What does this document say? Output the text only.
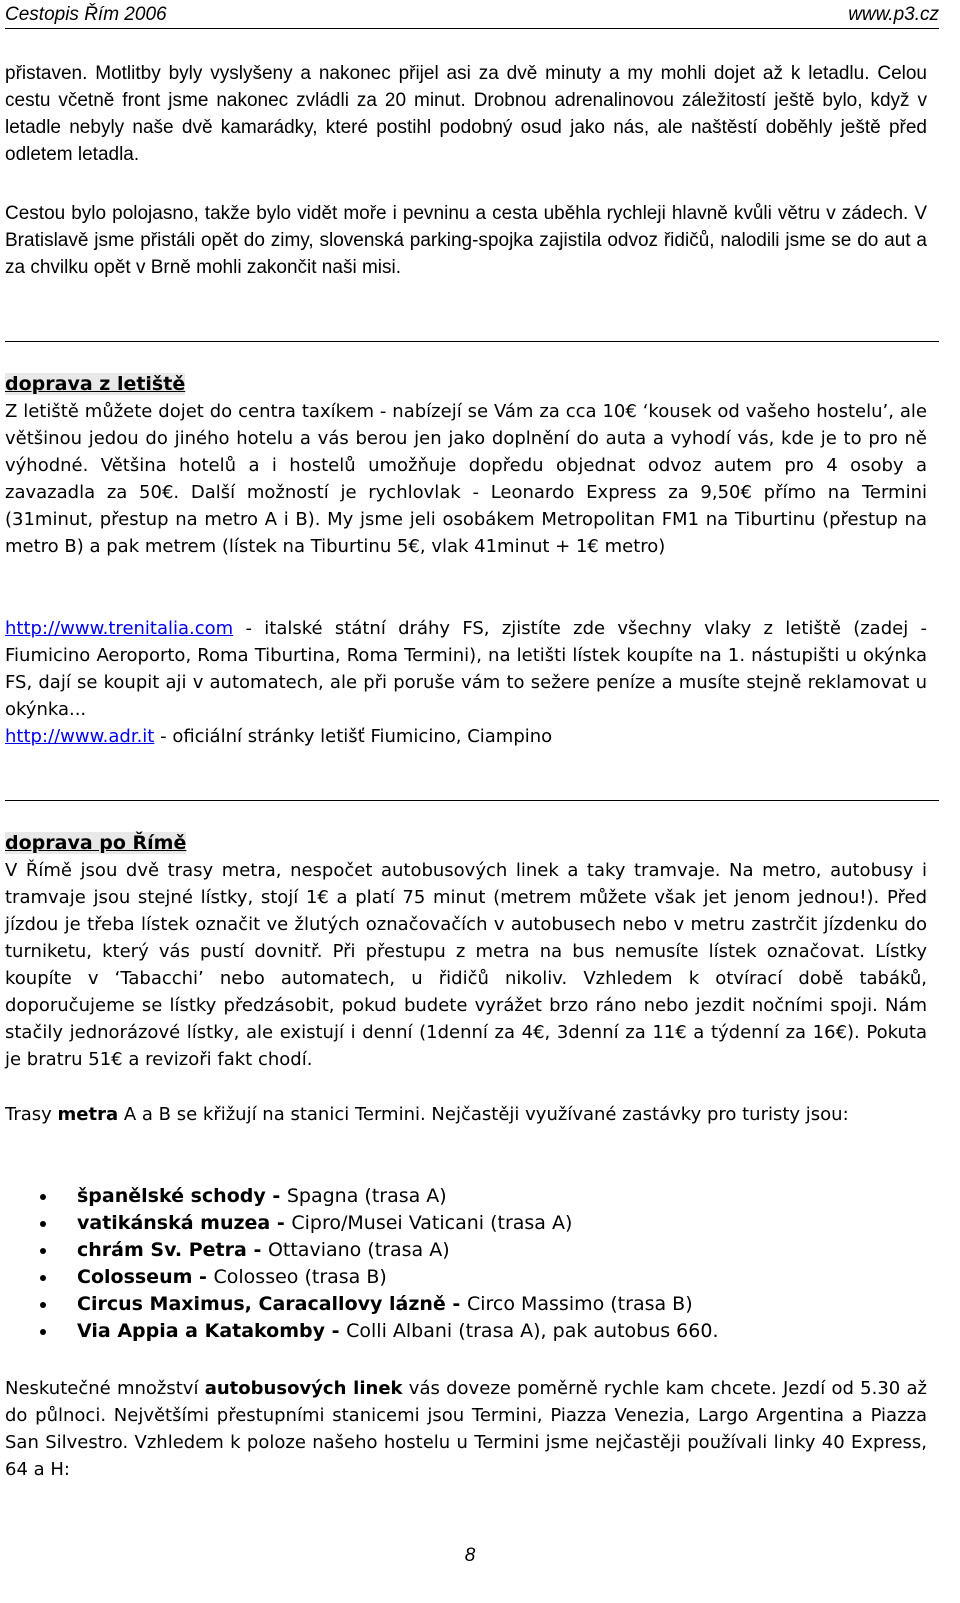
Cestopis Řím 2006	www.p3.cz

přistaven. Motlitby byly vyslyšeny a nakonec přijel asi za dvě minuty a my mohli dojet až k letadlu. Celou cestu včetně front jsme nakonec zvládli za 20 minut. Drobnou adrenalinovou záležitostí ještě bylo, když v letadle nebyly naše dvě kamarádky, které postihl podobný osud jako nás, ale naštěstí doběhly ještě před odletem letadla.

Cestou bylo polojasno, takže bylo vidět moře i pevninu a cesta uběhla rychleji hlavně kvůli větru v zádech. V Bratislavě jsme přistáli opět do zimy, slovenská parking-spojka zajistila odvoz řidičů, nalodili jsme se do aut a za chvilku opět v Brně mohli zakončit naši misi.

doprava z letiště

Z letiště můžete dojet do centra taxíkem - nabízejí se Vám za cca 10€ ‘kousek od vašeho hostelu’, ale většinou jedou do jiného hotelu a vás berou jen jako doplnění do auta a vyhodí vás, kde je to pro ně výhodné. Většina hotelů a i hostelů umožňuje dopředu objednat odvoz autem pro 4 osoby a zavazadla za 50€. Další možností je rychlovlak - Leonardo Express za 9,50€ přímo na Termini (31minut, přestup na metro A i B). My jsme jeli osobákem Metropolitan FM1 na Tiburtinu (přestup na metro B) a pak metrem (lístek na Tiburtinu 5€, vlak 41minut + 1€ metro)

http://www.trenitalia.com - italské státní dráhy FS, zjistíte zde všechny vlaky z letiště (zadej - Fiumicino Aeroporto, Roma Tiburtina, Roma Termini), na letišti lístek koupíte na 1. nástupišti u okýnka FS, dají se koupit aji v automatech, ale při poruše vám to sežere peníze a musíte stejně reklamovat u okýnka...

http://www.adr.it - oficiální stránky letišť Fiumicino, Ciampino

doprava po Římě

V Římě jsou dvě trasy metra, nespočet autobusových linek a taky tramvaje. Na metro, autobusy i tramvaje jsou stejné lístky, stojí 1€ a platí 75 minut (metrem můžete však jet jenom jednou!). Před jízdou je třeba lístek označit ve žlutých označovačích v autobusech nebo v metru zastrčit jízdenku do turniketu, který vás pustí dovnitř. Při přestupu z metra na bus nemusíte lístek označovat. Lístky koupíte v ‘Tabacchi’ nebo automatech, u řidičů nikoliv. Vzhledem k otvírací době tabáků, doporučujeme se lístky předzásobit, pokud budete vyrážet brzo ráno nebo jezdit nočními spoji. Nám stačily jednorázové lístky, ale existují i denní (1denní za 4€, 3denní za 11€ a týdenní za 16€). Pokuta je bratru 51€ a revizoři fakt chodí.

Trasy metra A a B se křižují na stanici Termini. Nejčastěji využívané zastávky pro turisty jsou:

španělské schody - Spagna (trasa A)
vatikánská muzea - Cipro/Musei Vaticani (trasa A)
chrám Sv. Petra - Ottaviano (trasa A)
Colosseum - Colosseo (trasa B)
Circus Maximus, Caracallovy lázně - Circo Massimo (trasa B)
Via Appia a Katakomby - Colli Albani (trasa A), pak autobus 660.

Neskutečné množství autobusových linek vás doveze poměrně rychle kam chcete. Jezdí od 5.30 až do půlnoci. Největšími přestupními stanicemi jsou Termini, Piazza Venezia, Largo Argentina a Piazza San Silvestro. Vzhledem k poloze našeho hostelu u Termini jsme nejčastěji používali linky 40 Express, 64 a H:

8
